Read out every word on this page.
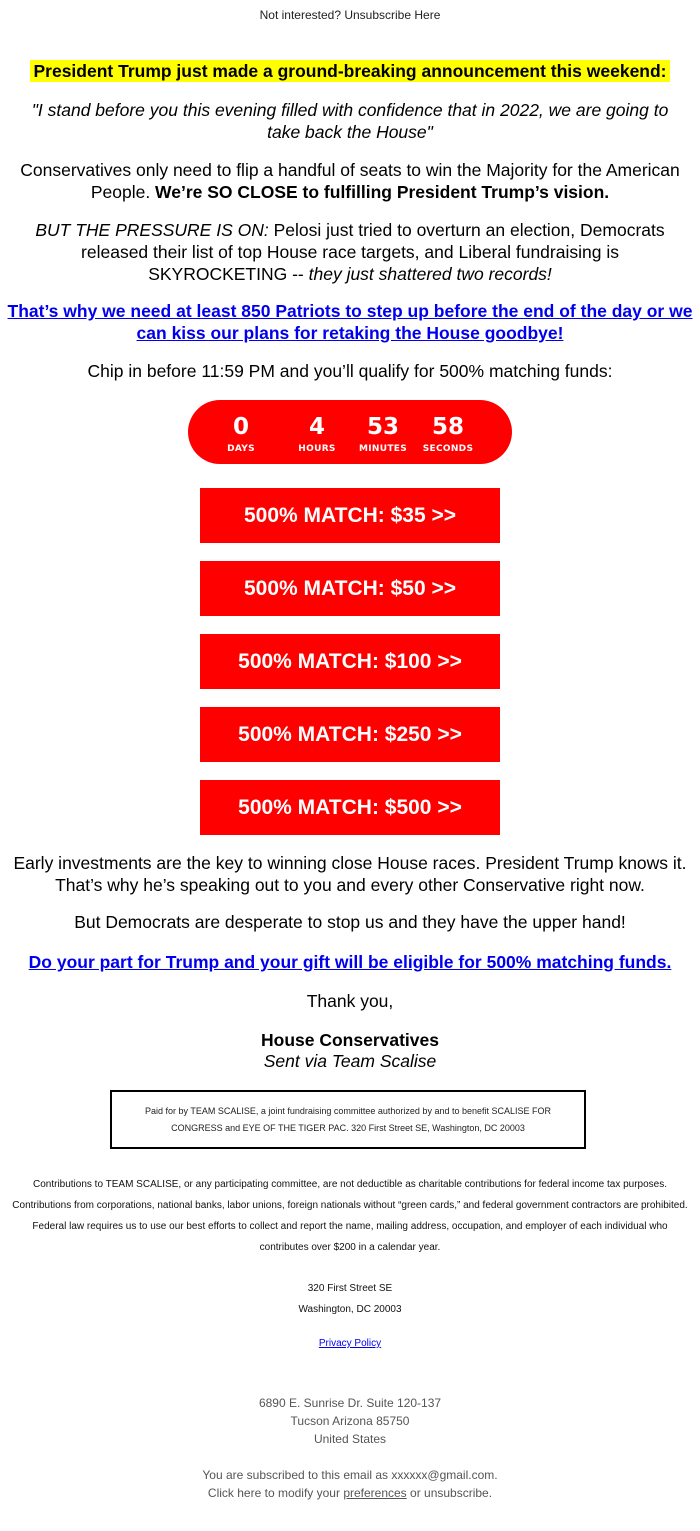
Not interested? Unsubscribe Here
President Trump just made a ground-breaking announcement this weekend:
"I stand before you this evening filled with confidence that in 2022, we are going to take back the House"
Conservatives only need to flip a handful of seats to win the Majority for the American People. We’re SO CLOSE to fulfilling President Trump’s vision.
BUT THE PRESSURE IS ON: Pelosi just tried to overturn an election, Democrats released their list of top House race targets, and Liberal fundraising is SKYROCKETING -- they just shattered two records!
That’s why we need at least 850 Patriots to step up before the end of the day or we can kiss our plans for retaking the House goodbye!
Chip in before 11:59 PM and you’ll qualify for 500% matching funds:
0
DAYS
4
HOURS
53
MINUTES
58
SECONDS
500% MATCH: $35 >>
500% MATCH: $50 >>
500% MATCH: $100 >>
500% MATCH: $250 >>
500% MATCH: $500 >>
Early investments are the key to winning close House races. President Trump knows it. That’s why he’s speaking out to you and every other Conservative right now.
But Democrats are desperate to stop us and they have the upper hand!
Do your part for Trump and your gift will be eligible for 500% matching funds.
Thank you,
House Conservatives
Sent via Team Scalise
Paid for by TEAM SCALISE, a joint fundraising committee authorized by and to benefit SCALISE FOR CONGRESS and EYE OF THE TIGER PAC. 320 First Street SE, Washington, DC 20003
Contributions to TEAM SCALISE, or any participating committee, are not deductible as charitable contributions for federal income tax purposes. Contributions from corporations, national banks, labor unions, foreign nationals without “green cards,” and federal government contractors are prohibited. Federal law requires us to use our best efforts to collect and report the name, mailing address, occupation, and employer of each individual who contributes over $200 in a calendar year.
320 First Street SE
Washington, DC 20003
Privacy Policy
6890 E. Sunrise Dr. Suite 120-137
Tucson Arizona 85750
United States
You are subscribed to this email as xxxxxx@gmail.com.
Click here to modify your preferences or unsubscribe.
